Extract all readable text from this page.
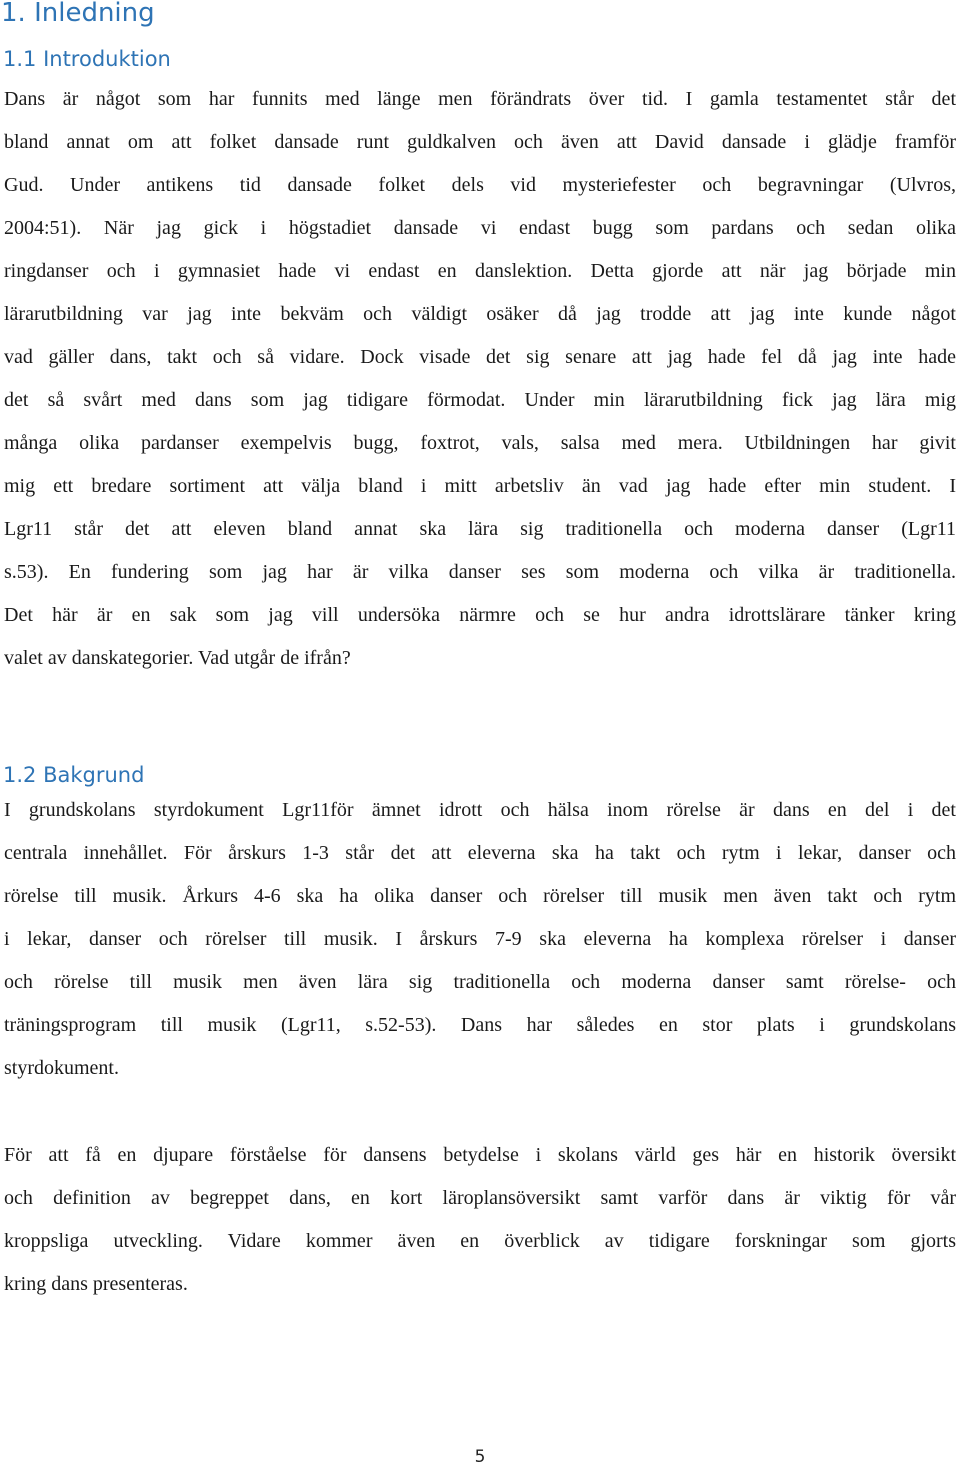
1. Inledning
1.1 Introduktion

Dans är något som har funnits med länge men förändrats över tid. I gamla testamentet står det
bland annat om att folket dansade runt guldkalven och även att David dansade i glädje framför
Gud. Under antikens tid dansade folket dels vid mysteriefester och begravningar (Ulvros,
2004:51). När jag gick i högstadiet dansade vi endast bugg som pardans och sedan olika
ringdanser och i gymnasiet hade vi endast en danslektion. Detta gjorde att när jag började min
lärarutbildning var jag inte bekväm och väldigt osäker då jag trodde att jag inte kunde något
vad gäller dans, takt och så vidare. Dock visade det sig senare att jag hade fel då jag inte hade
det så svårt med dans som jag tidigare förmodat. Under min lärarutbildning fick jag lära mig
många olika pardanser exempelvis bugg, foxtrot, vals, salsa med mera. Utbildningen har givit
mig ett bredare sortiment att välja bland i mitt arbetsliv än vad jag hade efter min student. I
Lgr11 står det att eleven bland annat ska lära sig traditionella och moderna danser (Lgr11
s.53). En fundering som jag har är vilka danser ses som moderna och vilka är traditionella.
Det här är en sak som jag vill undersöka närmre och se hur andra idrottslärare tänker kring
valet av danskategorier. Vad utgår de ifrån?

1.2 Bakgrund

I grundskolans styrdokument Lgr11för ämnet idrott och hälsa inom rörelse är dans en del i det
centrala innehållet. För årskurs 1-3 står det att eleverna ska ha takt och rytm i lekar, danser och
rörelse till musik. Årkurs 4-6 ska ha olika danser och rörelser till musik men även takt och rytm
i lekar, danser och rörelser till musik. I årskurs 7-9 ska eleverna ha komplexa rörelser i danser
och rörelse till musik men även lära sig traditionella och moderna danser samt rörelse- och
träningsprogram till musik (Lgr11, s.52-53). Dans har således en stor plats i grundskolans
styrdokument.

För att få en djupare förståelse för dansens betydelse i skolans värld ges här en historik översikt
och definition av begreppet dans, en kort läroplansöversikt samt varför dans är viktig för vår
kroppsliga utveckling. Vidare kommer även en överblick av tidigare forskningar som gjorts
kring dans presenteras.

5
